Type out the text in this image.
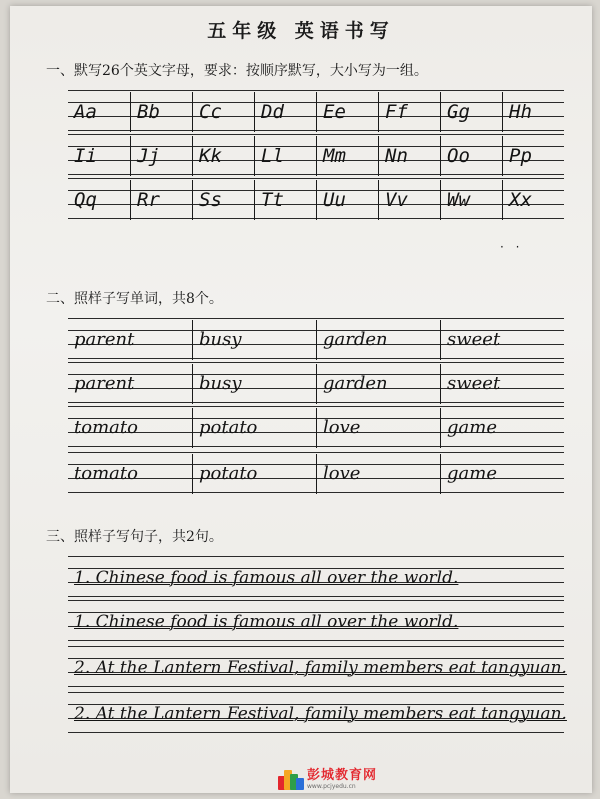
五年级 英语书写
一、默写26个英文字母，要求：按顺序默写，大小写为一组。
Aa	Bb	Cc	Dd	Ee	Ff	Gg	Hh
Ii	Jj	Kk	Ll	Mm	Nn	Oo	Pp
Qq	Rr	Ss	Tt	Uu	Vv	Ww	Xx
· ·
二、照样子写单词，共8个。
parent	busy	garden	sweet
parent	busy	garden	sweet
tomato	potato	love	game
tomato	potato	love	game
三、照样子写句子，共2句。
1. Chinese food is famous all over the world.
1. Chinese food is famous all over the world.
2. At the Lantern Festival, family members eat tangyuan.
2. At the Lantern Festival, family members eat tangyuan.
彭城教育网
www.pcjyedu.cn
